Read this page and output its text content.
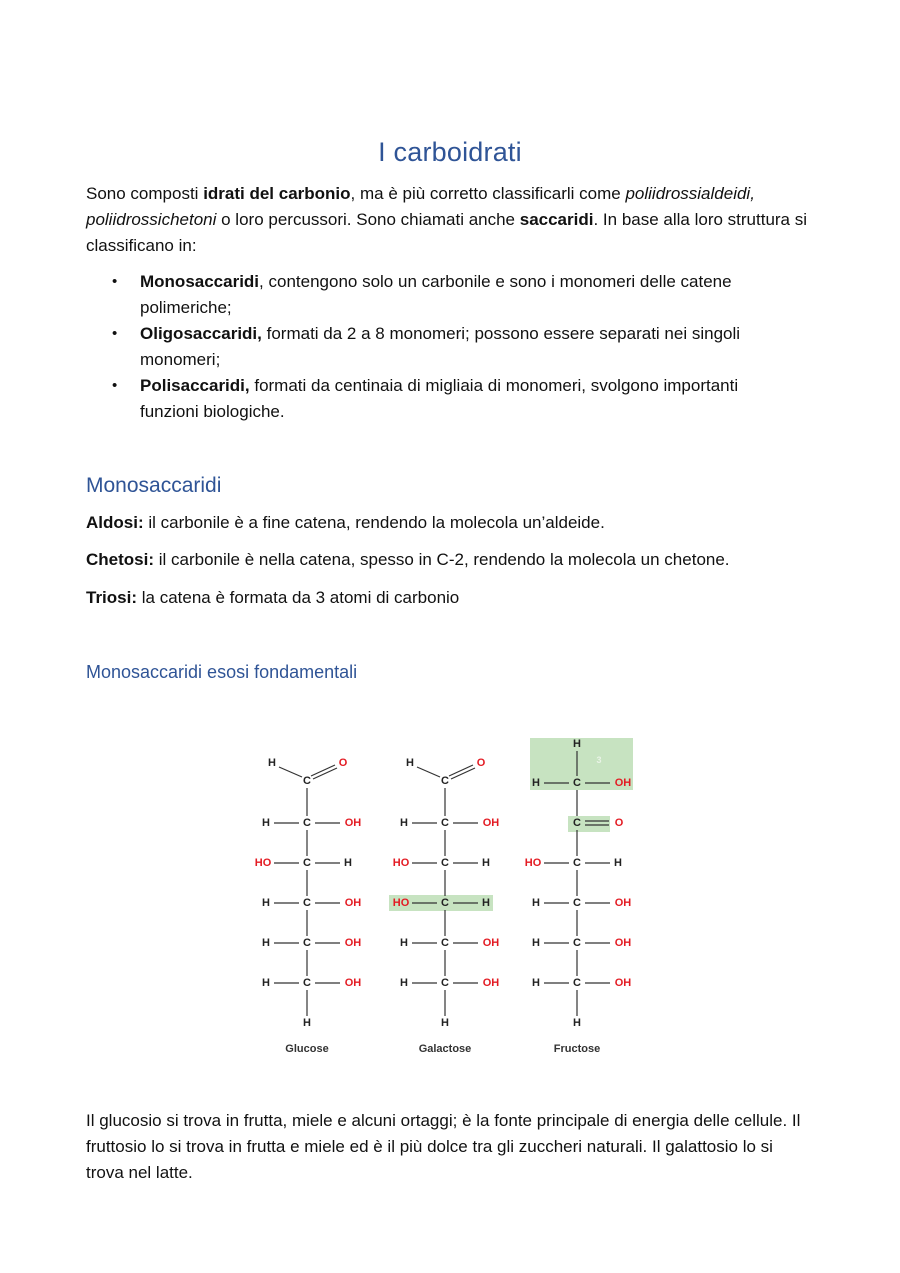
I carboidrati
Sono composti idrati del carbonio, ma è più corretto classificarli come poliidrossialdeidi, poliidrossichetoni o loro percussori. Sono chiamati anche saccaridi. In base alla loro struttura si classificano in:
• Monosaccaridi, contengono solo un carbonile e sono i monomeri delle catene polimeriche;
• Oligosaccaridi, formati da 2 a 8 monomeri; possono essere separati nei singoli monomeri;
• Polisaccaridi, formati da centinaia di migliaia di monomeri, svolgono importanti funzioni biologiche.
Monosaccaridi
Aldosi: il carbonile è a fine catena, rendendo la molecola un’aldeide.
Chetosi: il carbonile è nella catena, spesso in C-2, rendendo la molecola un chetone.
Triosi: la catena è formata da 3 atomi di carbonio
Monosaccaridi esosi fondamentali
H	O
C
C
H	OH
C
HO	H
C
H	OH
C
H	OH
C
H	OH
H
Glucose
H	O
C
C
H	OH
C
HO	H
C
HO	H
C
H	OH
C
H	OH
H
Galactose
H
3
C
H	OH
C	O
C
HO	H
C
H	OH
C
H	OH
C
H	OH
H
Fructose
Il glucosio si trova in frutta, miele e alcuni ortaggi; è la fonte principale di energia delle cellule. Il fruttosio lo si trova in frutta e miele ed è il più dolce tra gli zuccheri naturali. Il galattosio lo si trova nel latte.
